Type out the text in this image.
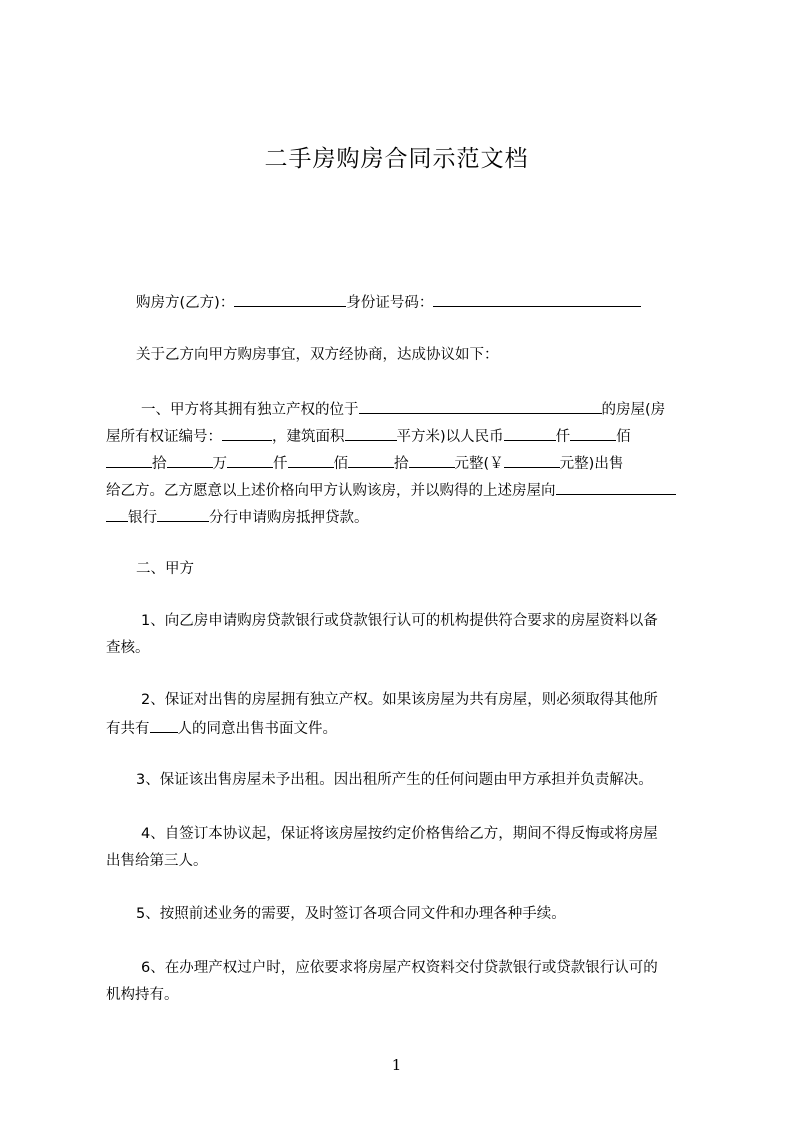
二手房购房合同示范文档
购房方(乙方)：	身份证号码：
关于乙方向甲方购房事宜，双方经协商，达成协议如下：
一、甲方将其拥有独立产权的位于	的房屋(房
屋所有权证编号：	，建筑面积	平方米)以人民币	仟	佰
拾	万	仟	佰	拾	元整(￥	元整)出售
给乙方。乙方愿意以上述价格向甲方认购该房，并以购得的上述房屋向
银行	分行申请购房抵押贷款。
二、甲方
1、向乙房申请购房贷款银行或贷款银行认可的机构提供符合要求的房屋资料以备
查核。
2、保证对出售的房屋拥有独立产权。如果该房屋为共有房屋，则必须取得其他所
有共有 人的同意出售书面文件。
3、保证该出售房屋未予出租。因出租所产生的任何问题由甲方承担并负责解决。
4、自签订本协议起，保证将该房屋按约定价格售给乙方，期间不得反悔或将房屋
出售给第三人。
5、按照前述业务的需要，及时签订各项合同文件和办理各种手续。
6、在办理产权过户时，应依要求将房屋产权资料交付贷款银行或贷款银行认可的
机构持有。
1
